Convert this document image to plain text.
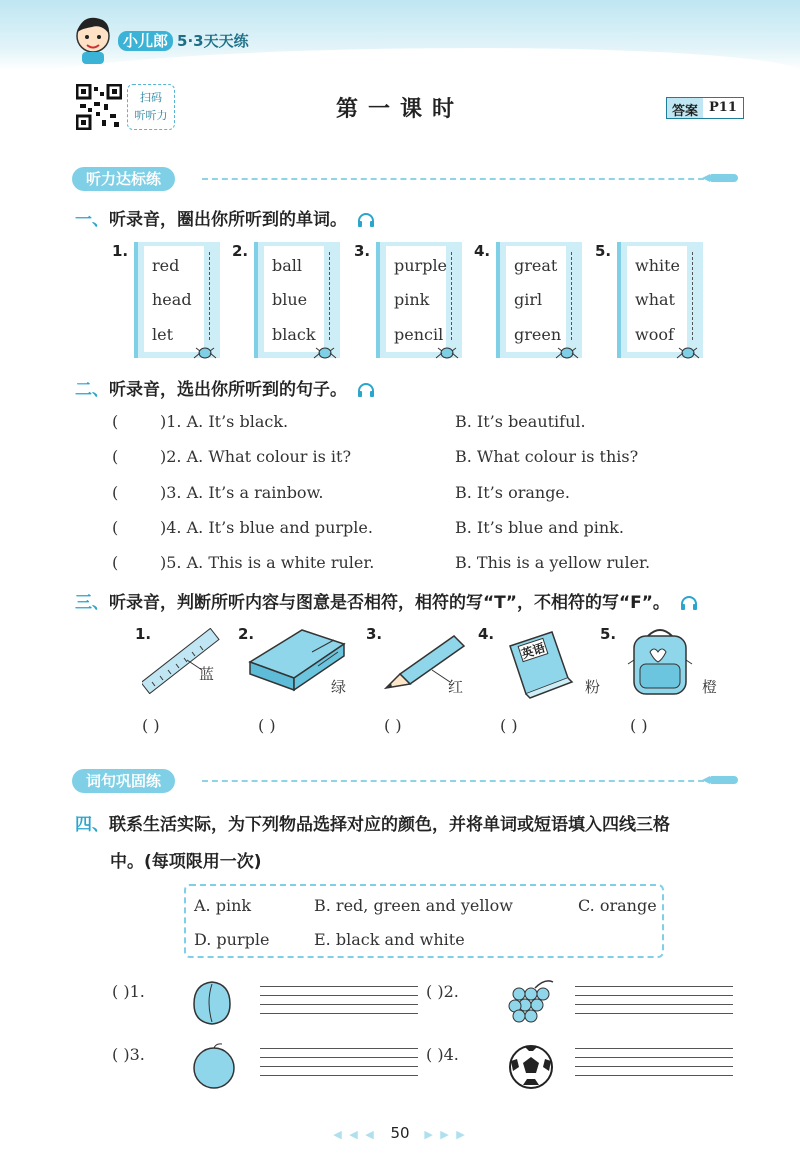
小儿郎 5·3天天练
扫码
听听力	第一课时	答案 P11
听力达标练
一、听录音，圈出你所听到的单词。
1.
red
head
let
2.
ball
blue
black
3.
purple
pink
pencil
4.
great
girl
green
5.
white
what
woof
二、听录音，选出你所听到的句子。
(	)1. A. It’s black.	B. It’s beautiful.
(	)2. A. What colour is it?	B. What colour is this?
(	)3. A. It’s a rainbow.	B. It’s orange.
(	)4. A. It’s blue and purple.	B. It’s blue and pink.
(	)5. A. This is a white ruler.	B. This is a yellow ruler.
三、听录音，判断所听内容与图意是否相符，相符的写“T”，不相符的写“F”。
1.
蓝
( )
2.
绿
( )
3.
红
( )
4.
英语
粉
( )
5.
橙
( )
词句巩固练
四、联系生活实际，为下列物品选择对应的颜色，并将单词或短语填入四线三格
中。(每项限用一次)
A. pink	B. red, green and yellow	C. orange
D. purple	E. black and white
( )1.	( )2.
( )3.	( )4.
◀ ◀ ◀ 50 ▶ ▶ ▶
